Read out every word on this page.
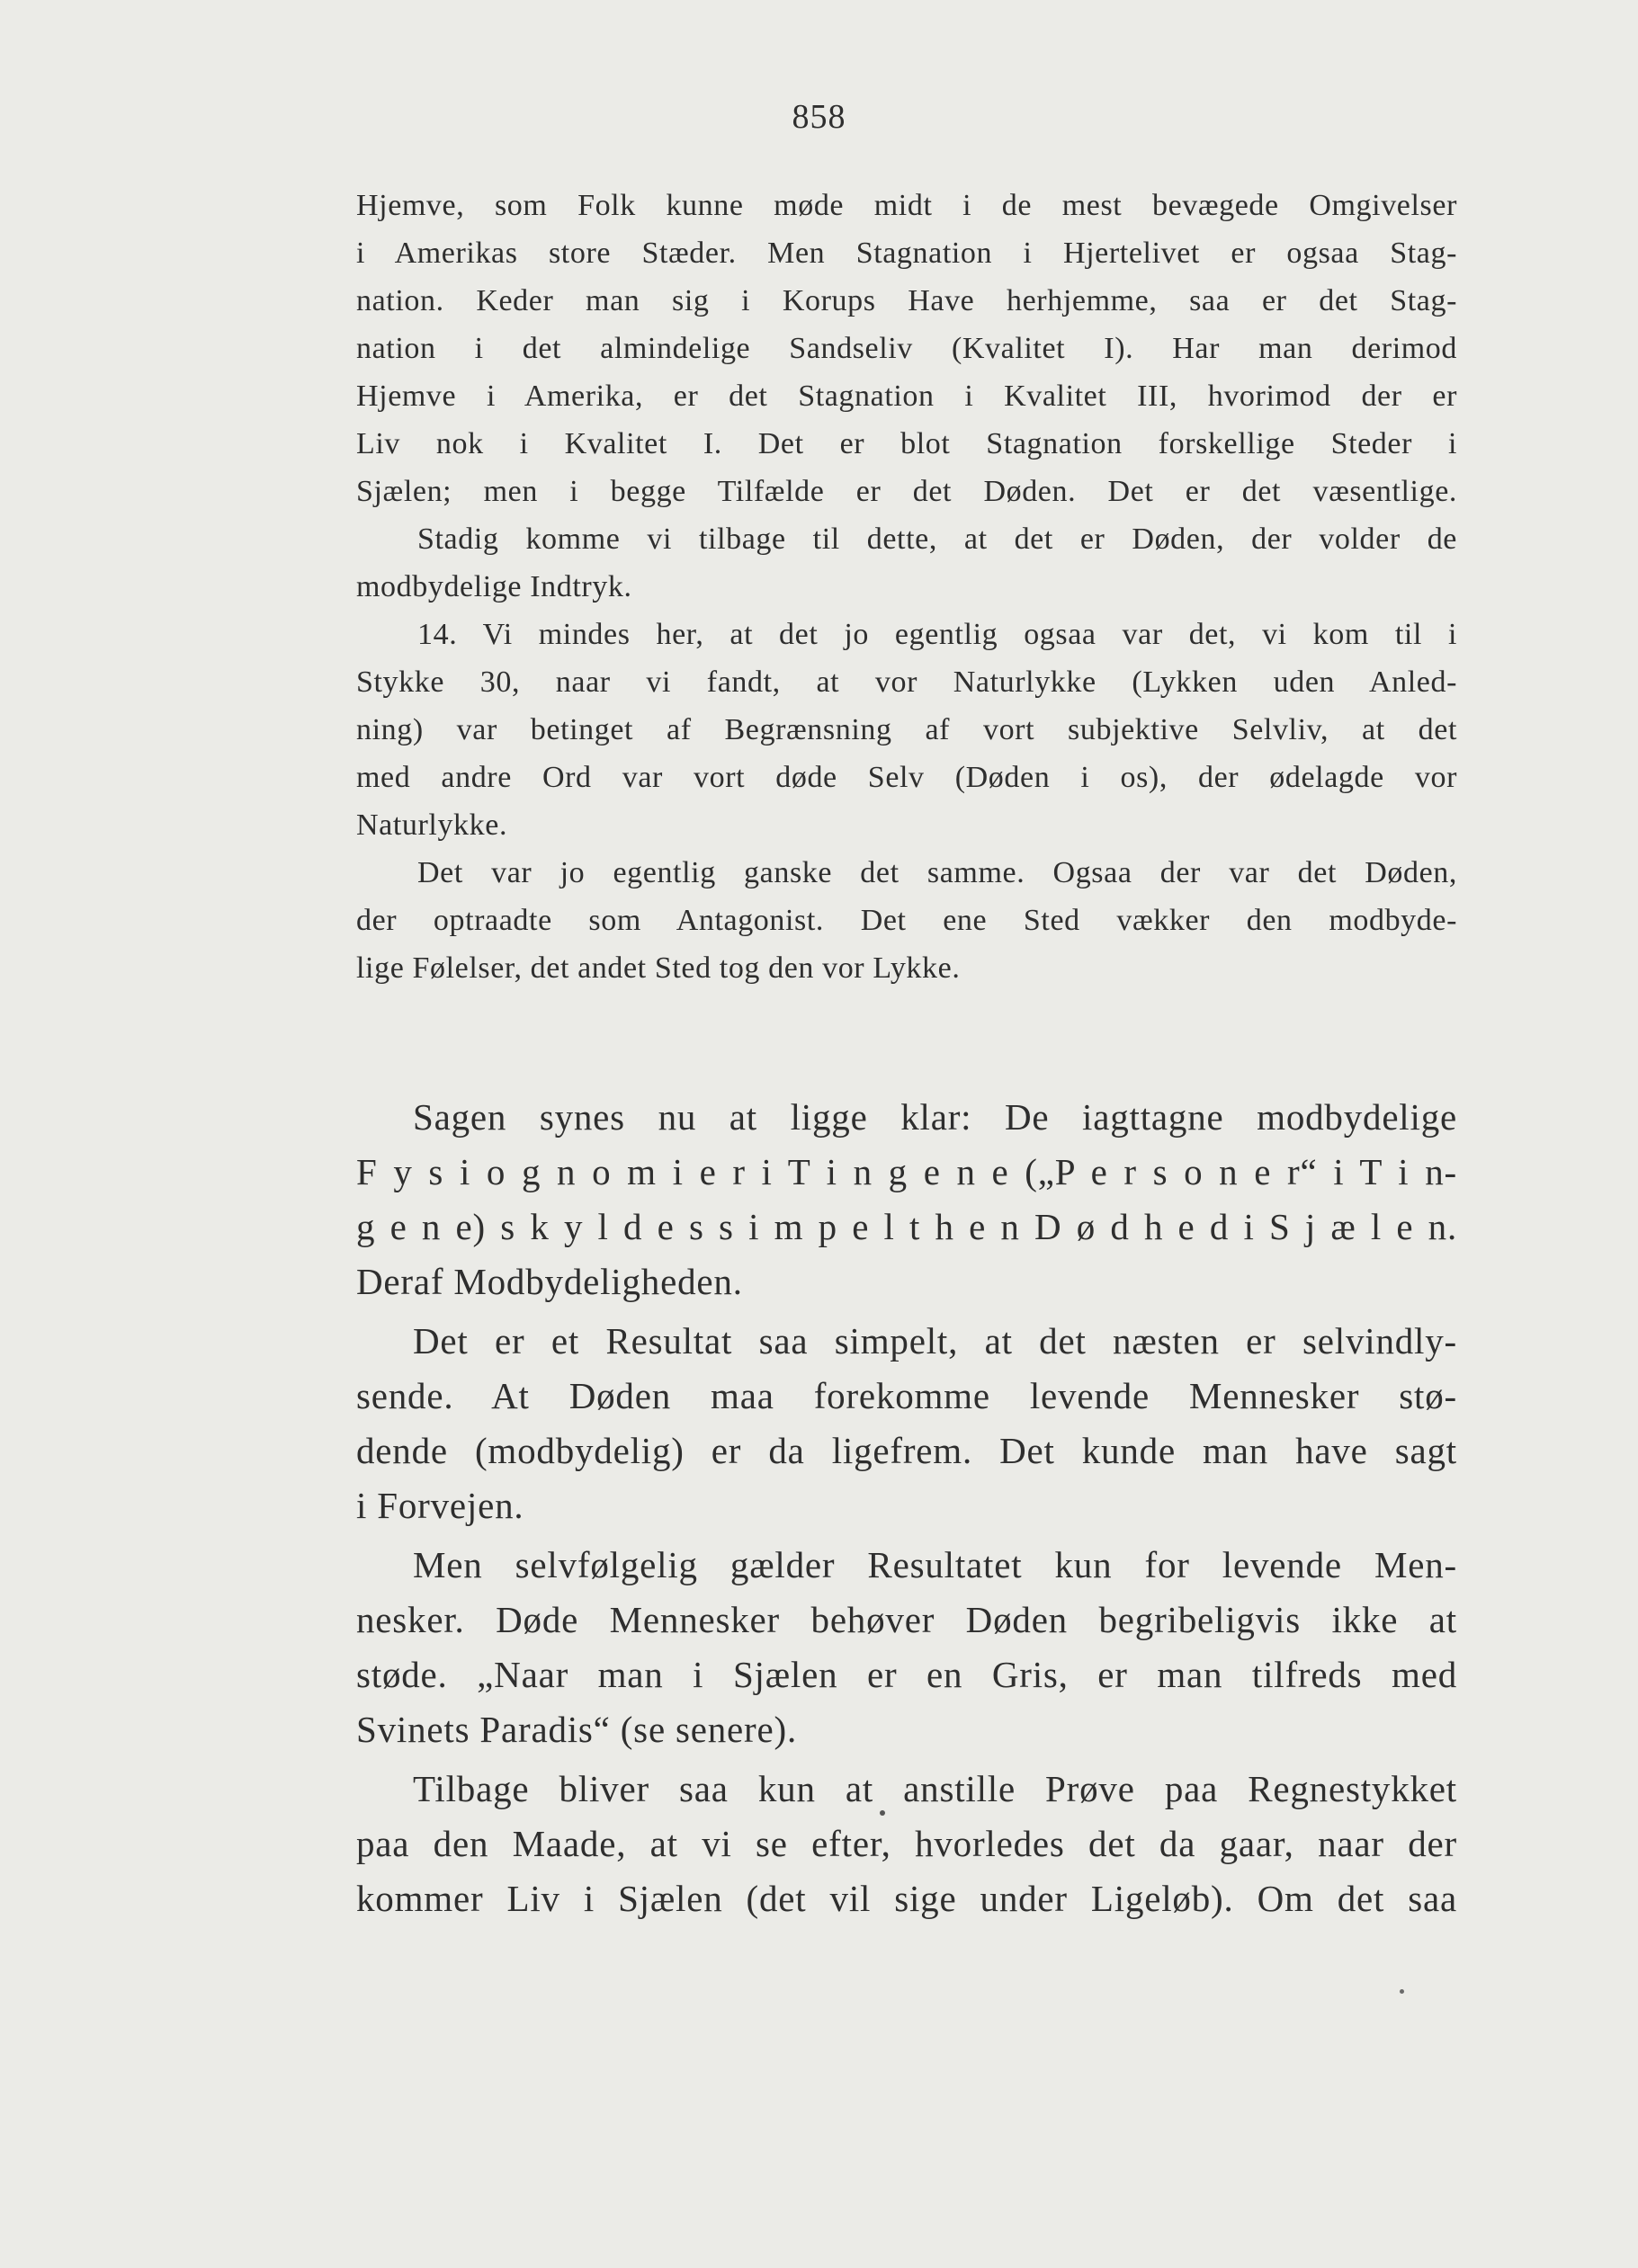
858
Hjemve, som Folk kunne møde midt i de mest bevægede Omgivelser
i Amerikas store Stæder. Men Stagnation i Hjertelivet er ogsaa Stag-
nation. Keder man sig i Korups Have herhjemme, saa er det Stag-
nation i det almindelige Sandseliv (Kvalitet I). Har man derimod
Hjemve i Amerika, er det Stagnation i Kvalitet III, hvorimod der er
Liv nok i Kvalitet I. Det er blot Stagnation forskellige Steder i
Sjælen; men i begge Tilfælde er det Døden. Det er det væsentlige.
Stadig komme vi tilbage til dette, at det er Døden, der volder de
modbydelige Indtryk.
14. Vi mindes her, at det jo egentlig ogsaa var det, vi kom til i
Stykke 30, naar vi fandt, at vor Naturlykke (Lykken uden Anled-
ning) var betinget af Begrænsning af vort subjektive Selvliv, at det
med andre Ord var vort døde Selv (Døden i os), der ødelagde vor
Naturlykke.
Det var jo egentlig ganske det samme. Ogsaa der var det Døden,
der optraadte som Antagonist. Det ene Sted vækker den modbyde-
lige Følelser, det andet Sted tog den vor Lykke.
Sagen synes nu at ligge klar: De iagttagne modbydelige
F y s i o g n o m i e r i T i n g e n e („P e r s o n e r“ i T i n-
g e n e) s k y l d e s s i m p e l t h e n D ø d h e d i S j æ l e n.
Deraf Modbydeligheden.
Det er et Resultat saa simpelt, at det næsten er selvindly-
sende. At Døden maa forekomme levende Mennesker stø-
dende (modbydelig) er da ligefrem. Det kunde man have sagt
i Forvejen.
Men selvfølgelig gælder Resultatet kun for levende Men-
nesker. Døde Mennesker behøver Døden begribeligvis ikke at
støde. „Naar man i Sjælen er en Gris, er man tilfreds med
Svinets Paradis“ (se senere).
Tilbage bliver saa kun at anstille Prøve paa Regnestykket
paa den Maade, at vi se efter, hvorledes det da gaar, naar der
kommer Liv i Sjælen (det vil sige under Ligeløb). Om det saa
